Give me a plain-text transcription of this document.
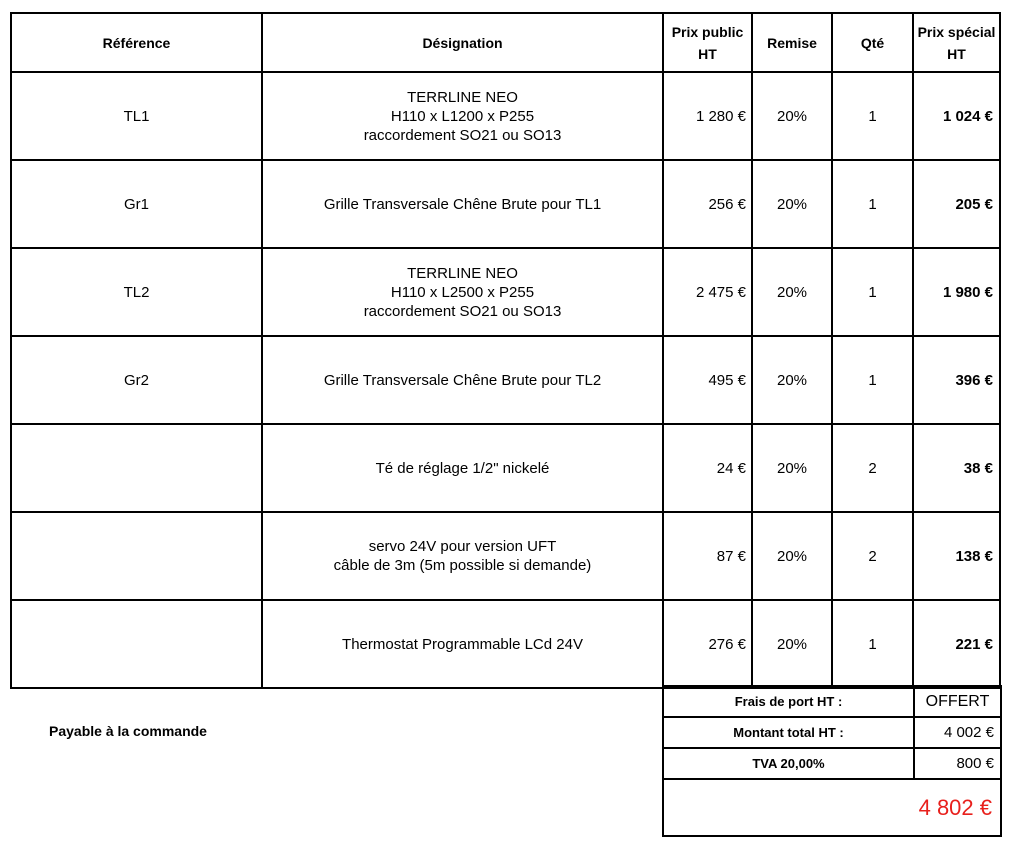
Référence	Désignation	Prix public HT	Remise	Qté	Prix spécial HT
TL1	TERRLINE NEO
H110 x L1200 x P255
raccordement SO21 ou SO13	1 280 €	20%	1	1 024 €
Gr1	Grille Transversale Chêne Brute pour TL1	256 €	20%	1	205 €
TL2	TERRLINE NEO
H110 x L2500 x P255
raccordement SO21 ou SO13	2 475 €	20%	1	1 980 €
Gr2	Grille Transversale Chêne Brute pour TL2	495 €	20%	1	396 €
	Té de réglage 1/2" nickelé	24 €	20%	2	38 €
	servo 24V pour version UFT
câble de 3m (5m possible si demande)	87 €	20%	2	138 €
	Thermostat Programmable LCd 24V	276 €	20%	1	221 €
Payable à la commande
Frais de port HT :	OFFERT
Montant total HT :	4 002 €
TVA 20,00%	800 €
4 802 €	
